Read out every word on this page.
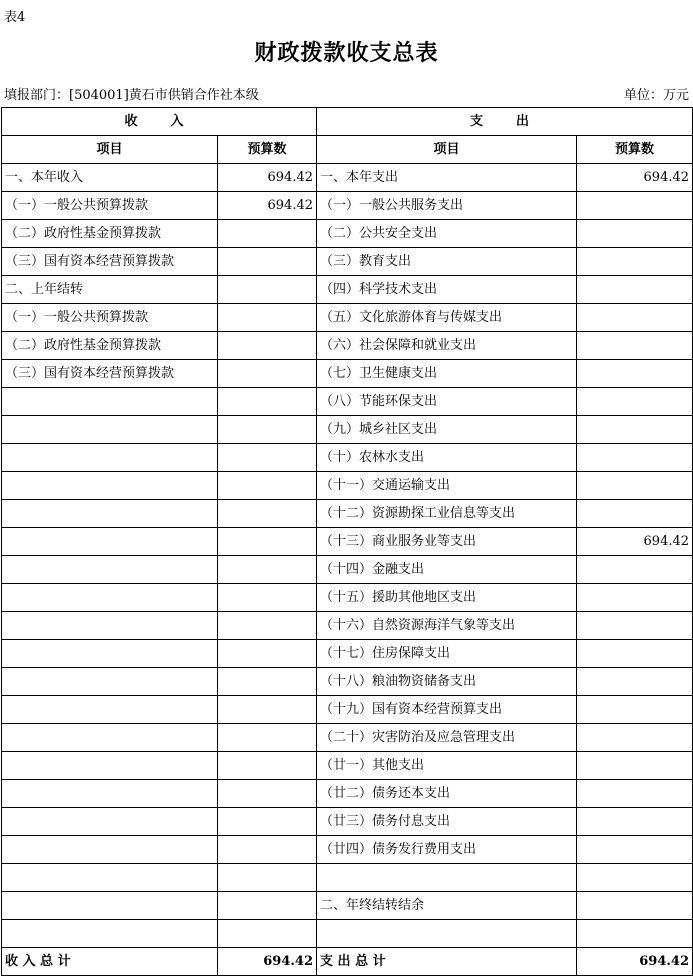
表4
财政拨款收支总表
填报部门：[504001]黄石市供销合作社本级	单位：万元
收　入		支　出	
项目	预算数	项目	预算数
一、本年收入	694.42	一、本年支出	694.42
（一）一般公共预算拨款	694.42	（一）一般公共服务支出	
（二）政府性基金预算拨款		（二）公共安全支出	
（三）国有资本经营预算拨款		（三）教育支出	
二、上年结转		（四）科学技术支出	
（一）一般公共预算拨款		（五）文化旅游体育与传媒支出	
（二）政府性基金预算拨款		（六）社会保障和就业支出	
（三）国有资本经营预算拨款		（七）卫生健康支出	
		（八）节能环保支出	
		（九）城乡社区支出	
		（十）农林水支出	
		（十一）交通运输支出	
		（十二）资源勘探工业信息等支出	
		（十三）商业服务业等支出	694.42
		（十四）金融支出	
		（十五）援助其他地区支出	
		（十六）自然资源海洋气象等支出	
		（十七）住房保障支出	
		（十八）粮油物资储备支出	
		（十九）国有资本经营预算支出	
		（二十）灾害防治及应急管理支出	
		（廿一）其他支出	
		（廿二）债务还本支出	
		（廿三）债务付息支出	
		（廿四）债务发行费用支出	

		二、年终结转结余	

收 入 总 计	694.42	支 出 总 计	694.42
